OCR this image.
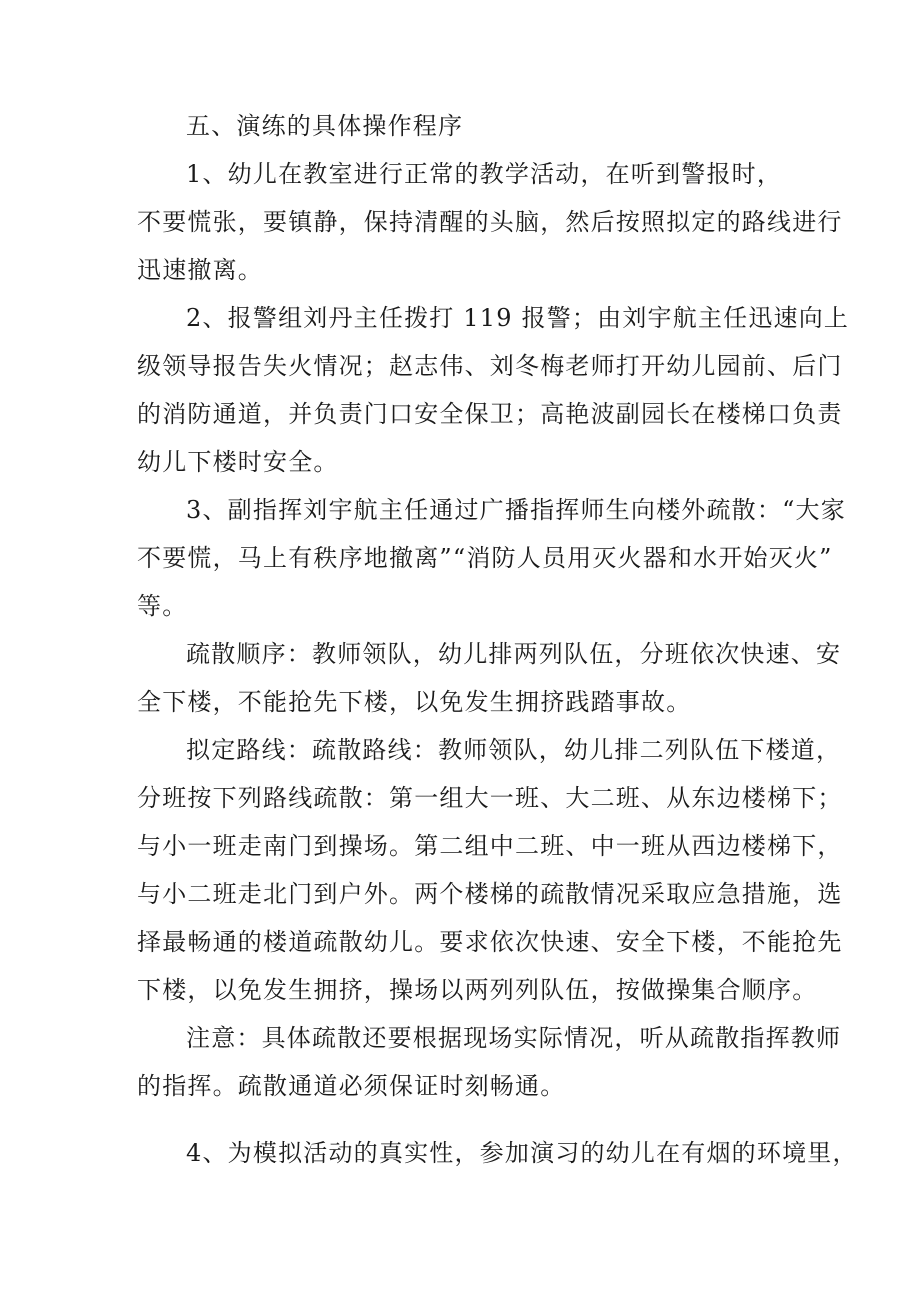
五、演练的具体操作程序
1、幼儿在教室进行正常的教学活动，在听到警报时，
不要慌张，要镇静，保持清醒的头脑，然后按照拟定的路线进行
迅速撤离。
2、报警组刘丹主任拨打 119 报警；由刘宇航主任迅速向上
级领导报告失火情况；赵志伟、刘冬梅老师打开幼儿园前、后门
的消防通道，并负责门口安全保卫；高艳波副园长在楼梯口负责
幼儿下楼时安全。
3、副指挥刘宇航主任通过广播指挥师生向楼外疏散：“大家
不要慌，马上有秩序地撤离”“消防人员用灭火器和水开始灭火”
等。
疏散顺序：教师领队，幼儿排两列队伍，分班依次快速、安
全下楼，不能抢先下楼，以免发生拥挤践踏事故。
拟定路线：疏散路线：教师领队，幼儿排二列队伍下楼道，
分班按下列路线疏散：第一组大一班、大二班、从东边楼梯下；
与小一班走南门到操场。第二组中二班、中一班从西边楼梯下，
与小二班走北门到户外。两个楼梯的疏散情况采取应急措施，选
择最畅通的楼道疏散幼儿。要求依次快速、安全下楼，不能抢先
下楼，以免发生拥挤，操场以两列列队伍，按做操集合顺序。
注意：具体疏散还要根据现场实际情况，听从疏散指挥教师
的指挥。疏散通道必须保证时刻畅通。
4、为模拟活动的真实性，参加演习的幼儿在有烟的环境里，
